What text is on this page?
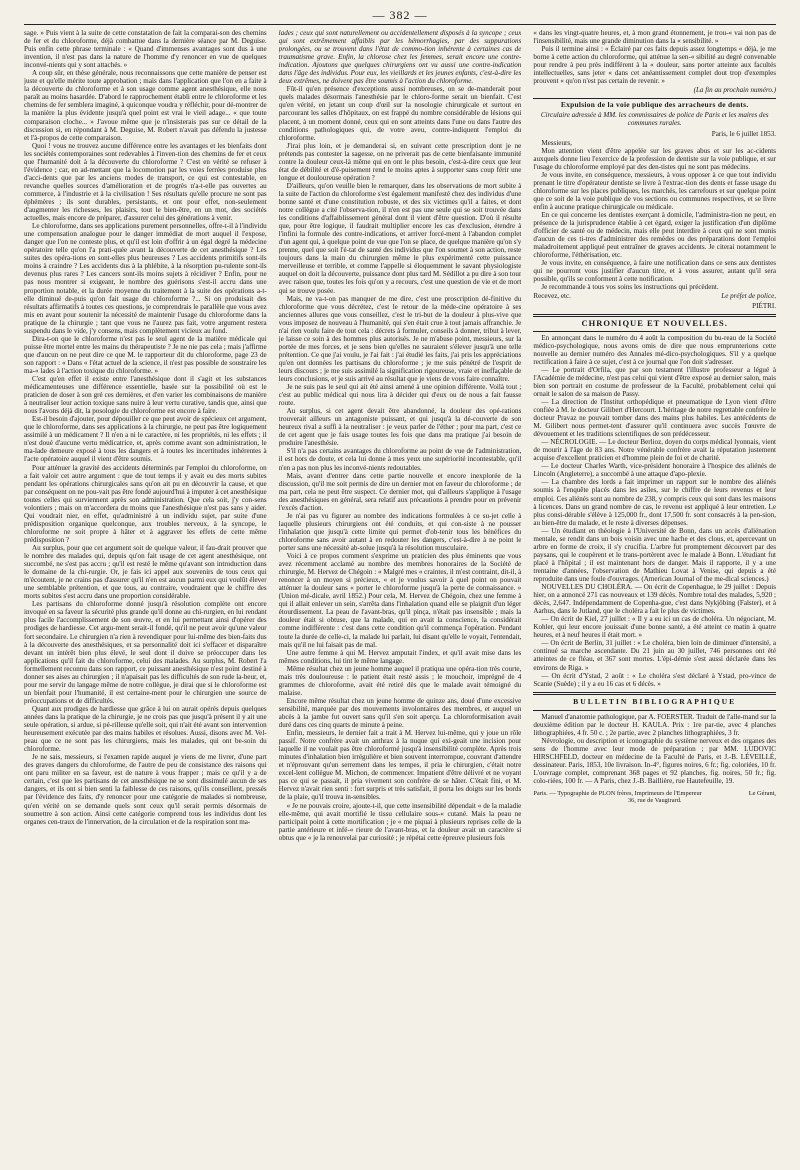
— 382 —

sage. » Puis vient à la suite de cette constatation de fait la comparai-son des chemins de fer et du chloroforme, déjà combattue dans la dernière séance par M. Deguise. Puis enfin cette phrase terminale : « Quand d'immenses avantages sont dus à une invention, il n'est pas dans la nature de l'homme d'y renoncer en vue de quelques inconvé-nients qui y sont attachés. »

A coup sûr, en thèse générale, nous reconnaissons que cette manière de penser est juste et qu'elle mérite toute approbation ; mais dans l'application que l'on en a faite à la découverte du chloroforme et à son usage comme agent anesthésique, elle nous paraît au moins hasardée. D'abord le rapprochement établi entre le chloroforme et les chemins de fer semblera imaginé, à quiconque voudra y réfléchir, pour dé-montrer de la manière la plus évidente jusqu'à quel point est vrai le vieil adage... « que toute comparaison cloche... » J'avoue même que je n'insisterais pas sur ce détail de la discussion si, en répondant à M. Deguise, M. Robert n'avait pas défendu la justesse et l'à-propos de cette comparaison.

Quoi ! vous ne trouvez aucune différence entre les avantages et les bienfaits dont les sociétés contemporaines sont redevables à l'inven-tion des chemins de fer et ceux que l'humanité doit à la découverte du chloroforme ? C'est en vérité se refuser à l'évidence ; car, en ad-mettant que la locomotion par les voies ferrées produise plus d'acci-dents que par les anciens modes de transport, ce qui est contestable, en revanche quelles sources d'amélioration et de progrès n'a-t-elle pas ouvertes au commerce, à l'industrie et à la civilisation ! Ses résultats qu'elle procure ne sont pas éphémères ; ils sont durables, persistants, et ont pour effet, non-seulement d'augmenter les richesses, les plaisirs, tout le bien-être, en un mot, des sociétés actuelles, mais encore de préparer, d'assurer celui des générations à venir.

Le chloroforme, dans ses applications purement personnelles, offre-t-il à l'individu une compensation analogue pour le danger immédiat de mort auquel il l'expose, danger que l'on ne conteste plus, et qu'il est loin d'offrir à un égal degré la médecine opératoire telle qu'on l'a prati-quée avant la découverte de cet anesthésique ? Les suites des opéra-tions en sont-elles plus heureuses ? Les accidents primitifs sont-ils moins à craindre ? Les accidents dus à la phlébite, à la résorption pu-rulente sont-ils devenus plus rares ? Les cancers sont-ils moins sujets à récidiver ? Enfin, pour ne pas nous montrer si exigeant, le nombre des guérisons s'est-il accru dans une proportion notable, et la durée moyenne du traitement à la suite des opérations a-t-elle diminué de-puis qu'on fait usage du chloroforme ?... Si on produisait des résultats affirmatifs à toutes ces questions, je comprendrais le parallèle que vous avez mis en avant pour soutenir la nécessité de maintenir l'usage du chloroforme dans la pratique de la chirurgie ; tant que vous ne l'aurez pas fait, votre argument restera suspendu dans le vide, j'y consens, mais complètement vicieux au fond.

Dira-t-on que le chloroforme n'est pas le seul agent de la matière médicale qui puisse être mortel entre les mains du thérapeutiste ? Je ne nie pas cela ; mais j'affirme que d'aucun on ne peut dire ce que M. le rapporteur dit du chloroforme, page 23 de son rapport : « Dans « l'état actuel de la science, il n'est pas possible de soustraire les ma-« lades à l'action toxique du chloroforme. »

C'est qu'en effet il existe entre l'anesthésique dont il s'agit et les substances médicamenteuses une différence essentielle, basée sur la possibilité où est le praticien de doser à son gré ces dernières, et d'en varier les combinaisons de manière à neutraliser leur action toxique sans nuire à leur vertu curative, tandis que, ainsi que nous l'avons déjà dit, la posologie du chloroforme est encore à faire.

Est-il besoin d'ajouter, pour dépouiller ce que peut avoir de spécieux cet argument, que le chloroforme, dans ses applications à la chirurgie, ne peut pas être logiquement assimilé à un médicament ? Il n'en a ni le caractère, ni les propriétés, ni les effets ; il n'est doué d'aucune vertu médicatrice, et, après comme avant son administration, le ma-lade demeure exposé à tous les dangers et à toutes les incertitudes inhérentes à l'acte opératoire auquel il vient d'être soumis.

Pour atténuer la gravité des accidents déterminés par l'emploi du chloroforme, on a fait valoir cet autre argument : que de tout temps il y avait eu des morts subites pendant les opérations chirurgicales sans qu'on ait pu en découvrir la cause, et que par conséquent on ne pou-vait pas être fondé aujourd'hui à imputer à cet anesthésique toutes celles qui surviennent après son administration. Que cela soit, j'y con-sens volontiers ; mais on m'accordera du moins que l'anesthésique n'est pas sans y aider. Qui voudrait nier, en effet, qu'administré à un individu sujet, par suite d'une prédisposition organique quelconque, aux troubles nerveux, à la syncope, le chloroforme ne soit propre à hâter et à aggraver les effets de cette même prédisposition ?

Au surplus, pour que cet argument soit de quelque valeur, il fau-drait prouver que le nombre des malades qui, depuis qu'on fait usage de cet agent anesthésique, ont succombé, ne s'est pas accru ; qu'il est resté le même qu'avant son introduction dans le domaine de la chi-rurgie. Or, je fais ici appel aux souvenirs de tous ceux qui m'écoutent, je ne crains pas d'assurer qu'il n'en est aucun parmi eux qui voulût élever une semblable prétention, et que tous, au contraire, voudraient que le chiffre des morts subites s'est accru dans une proportion considérable.

Les partisans du chloroforme donné jusqu'à résolution complète ont encore invoqué en sa faveur la sécurité plus grande qu'il donne au chi-rurgien, en lui rendant plus facile l'accomplissement de son œuvre, et en lui permettant ainsi d'opérer des prodiges de hardiesse. Cet argu-ment serait-il fondé, qu'il ne peut avoir qu'une valeur fort secondaire. Le chirurgien n'a rien à revendiquer pour lui-même des bien-faits dus à la découverte des anesthésiques, et sa personnalité doit ici s'effacer et disparaître devant un intérêt bien plus élevé, le seul dont il doive se préoccuper dans les applications qu'il fait du chloroforme, celui des malades. Au surplus, M. Robert l'a formellement reconnu dans son rapport, ce puissant anesthésique n'est point destiné à donner ses aises au chirurgien ; il n'apaisait pas les difficultés de son rude la-beur, et, pour me servir du langage même de notre collègue, je dirai que si le chloroforme est un bienfait pour l'humanité, il est certaine-ment pour le chirurgien une source de préoccupations et de difficultés.

Quant aux prodiges de hardiesse que grâce à lui on aurait opérés depuis quelques années dans la pratique de la chirurgie, je ne crois pas que jusqu'à présent il y ait une seule opération, si ardue, si pé-rilleuse qu'elle soit, qui n'ait été avant son intervention heureusement exécutée par des mains habiles et résolues. Aussi, disons avec M. Vel-peau que ce ne sont pas les chirurgiens, mais les malades, qui ont be-soin du chloroforme.

Je ne sais, messieurs, si l'examen rapide auquel je viens de me livrer, d'une part des graves dangers du chloroforme, de l'autre de peu de consistance des raisons qui ont paru militer en sa faveur, est de nature à vous frapper ; mais ce qu'il y a de certain, c'est que les partisans de cet anesthésique ne se sont dissimulé aucun de ses dangers, et ils ont si bien senti la faiblesse de ces raisons, qu'ils conseillent, pressés par l'évidence des faits, d'y renoncer pour une catégorie de malades si nombreuse, qu'en vérité on se demande quels sont ceux qu'il serait permis désormais de soumettre à son action. Ainsi cette catégorie comprend tous les individus dont les organes cen-traux de l'innervation, de la circulation et de la respiration sont ma-

lades ; ceux qui sont naturellement ou accidentellement disposés à la syncope ; ceux qui sont extrêmement affaiblis par les hémorrhagies, par des suppurations prolongées, ou se trouvent dans l'état de commo-tion inhérente à certaines cas de traumatisme grave. Enfin, la chlorose chez les femmes, serait encore une contre-indication. Ajoutons que quelques chirurgiens ont vu aussi une contre-indication dans l'âge des individus. Pour eux, les vieillards et les jeunes enfants, c'est-à-dire les deux extrêmes, ne doivent pas être soumis à l'action du chloroforme.

Fût-il qu'en présence d'exceptions aussi nombreuses, on se de-manderait pour quels malades désormais l'anesthésie par le chloro-forme serait un bienfait. C'est qu'en vérité, en jetant un coup d'œil sur la nosologie chirurgicale et surtout en parcourant les salles d'hôpitaux, on est frappé du nombre considérable de lésions qui placent, à un moment donné, ceux qui en sont atteints dans l'une ou dans l'autre des conditions pathologiques qui, de votre aveu, contre-indiquent l'emploi du chloroforme.

J'irai plus loin, et je demanderai si, en suivant cette prescription dont je ne prétends pas contester la sagesse, on ne priverait pas de cette bienfaisante immunité contre la douleur ceux-là même qui en ont le plus besoin, c'est-à-dire ceux que leur état de débilité et d'é-puisement rend le moins aptes à supporter sans coup férir une longue et douloureuse opération ?

D'ailleurs, qu'on veuille bien le remarquer, dans les observations de mort subite à la suite de l'action du chloroforme s'est également manifesté chez des individus d'une bonne santé et d'une constitution robuste, et des six victimes qu'il a faites, et dont notre collègue a cité l'observa-tion, il n'en est pas une seule qui se soit trouvée dans les conditions d'affaiblissement général dont il vient d'être question. D'où il résulte que, pour être logique, il faudrait multiplier encore les cas d'exclusion, étendre à l'infini la formule des contre-indications, et arriver forcé-ment à l'abandon complet d'un agent qui, à quelque point de vue que l'on se place, de quelque manière qu'on s'y prenne, quel que soit l'é-tat de santé des individus que l'on soumet à son action, reste toujours dans la main du chirurgien même le plus expérimenté cette puissance merveilleuse et terrible, et comme l'appelle si éloquemment le savant physiologiste auquel on doit la découverte, puissance dont plus tard M. Sédillot a pu dire à son tour avec raison que, toutes les fois qu'on y a recours, c'est une question de vie et de mort qui se trouve posée.

Mais, ne va-t-on pas manquer de me dire, c'est une proscription dé-finitive du chloroforme que vous décrétez, c'est le retour de la méde-cine opératoire à ses anciennes allures que vous conseillez, c'est le tri-but de la douleur à plus-vive que vous imposez de nouveau à l'humanité, qui s'en était crue à tout jamais affranchie. Je n'ai rien voulu faire de tout cela : décrets à formuler, conseils à donner, tribut à lever, je laisse ce soin à des hommes plus autorisés. Je ne m'abuse point, messieurs, sur la portée de mes forces, et je sens bien qu'elles ne sauraient s'élever jusqu'à une telle prétention. Ce que j'ai voulu, je l'ai fait : j'ai étudié les faits, j'ai pris les appréciations qu'en ont données les partisans du chloroforme ; je me suis pénétré de l'esprit de leurs discours ; je me suis assimilé la signification rigoureuse, vraie et ineffaçable de leurs conclusions, et je suis arrivé au résultat que je viens de vous faire connaître.

Je ne suis pas le seul qui ait été ainsi amené à une opinion différente. Voilà tout ; c'est au public médical qui nous lira à décider qui d'eux ou de nous a fait fausse route.

Au surplus, si cet agent devait être abandonné, la douleur des opé-rations trouverait ailleurs un antagoniste puissant, et qui jusqu'à la dé-couverte de son heureux rival a suffi à la neutraliser : je veux parler de l'éther ; pour ma part, c'est ce de cet agent que je fais usage toutes les fois que dans ma pratique j'ai besoin de produire l'anesthésie.

S'il n'a pas certains avantages du chloroforme au point de vue de l'administration, il est hors de doute, et cela lui donne à mes yeux une supériorité incontestable, qu'il n'en a pas non plus les inconvé-nients redoutables.

Mais, avant d'entrer dans cette partie nouvelle et encore inexplorée de la discussion, qu'il me soit permis de dire un dernier mot en faveur du chloroforme ; de ma part, cela ne peut être suspect. Ce dernier mot, qui d'ailleurs s'applique à l'usage des anesthésiques en général, sera relatif aux précautions à prendre pour en prévenir l'excès d'action.

Je n'ai pas vu figurer au nombre des indications formulées à ce su-jet celle à laquelle plusieurs chirurgiens ont été conduits, et qui con-siste à ne pousser l'inhalation que jusqu'à cette limite qui permet d'ob-tenir tous les bénéfices du chloroforme sans avoir autant à en redouter les dangers, c'est-à-dire à ne point le porter sans une nécessité ab-solue jusqu'à la résolution musculaire.

Voici à ce propos comment s'exprime un praticien des plus éminents que vous avez récemment acclamé au nombre des membres honoraires de la Société de chirurgie, M. Hervez de Chégoin : « Malgré mes « craintes, il m'est contraint, dit-il, à renoncer à un moyen si précieux, « et je voulus savoir à quel point on pouvait atténuer la douleur sans « porter le chloroforme jusqu'à la perte de connaissance. » (Union mé-dicale, avril 1852.) Pour cela, M. Hervez de Chégoin, chez une femme à qui il allait enlever un sein, s'arrêta dans l'inhalation quand elle se plaignit d'un léger étourdissement. La peau de l'avant-bras, qu'il pinça, n'était pas insensible ; mais la douleur était si obtuse, que la malade, qui en avait la conscience, la considérait comme indifférente : c'est dans cette condition qu'il commença l'opération. Pendant toute la durée de celle-ci, la malade lui parlait, lui disant qu'elle le voyait, l'entendait, mais qu'il ne lui faisait pas de mal.

Une autre femme à qui M. Hervez amputait l'index, et qu'il avait mise dans les mêmes conditions, lui tint le même langage.

Même résultat chez un jeune homme auquel il pratiqua une opéra-tion très courte, mais très douloureuse : le patient était resté assis ; le mouchoir, imprégné de 4 grammes de chloroforme, avait été retiré dès que le malade avait témoigné du malaise.

Encore même résultat chez un jeune homme de quinze ans, doué d'une excessive sensibilité, marquée par des mouvements involontaires des membres, et auquel un abcès à la jambe fut ouvert sans qu'il s'en soit aperçu. La chloroformisation avait duré dans ces cinq quarts de minute à peine.

Enfin, messieurs, le dernier fait a trait à M. Hervez lui-même, qui y joue un rôle passif. Notre confrère avait un anthrax à la nuque qui exi-geait une incision pour laquelle il ne voulait pas être chloroformé jusqu'à insensibilité complète. Après trois minutes d'inhalation bien irrégulière et bien souvent interrompue, couvrant d'attendre et n'éprouvant qu'un serrement dans les tempes, il pria le chirurgien, c'était notre excel-lent collègue M. Michon, de commencer. Impatient d'être délivré et ne voyant pas ce qui se passait, il pria vivement son confrère de se hâter. C'était fini, et M. Hervez n'avait rien senti : fort surpris et très satisfait, il porta les doigts sur les bords de la plaie, qu'il trouva in-sensibles.

« Je ne pouvais croire, ajoute-t-il, que cette insensibilité dépendait « de la maladie elle-même, qui avait mortifié le tissu cellulaire sous-« cutané. Mais la peau ne participait point à cette mortification ; je « me piquai à plusieurs reprises celle de la partie antérieure et infé-« rieure de l'avant-bras, et la douleur avait un caractère si obtus que « je la renouvelai par curiosité ; je répétai cette épreuve plusieurs fois

« dans les vingt-quatre heures, et, à mon grand étonnement, je trou-« vai non pas de l'insensibilité, mais une grande diminution dans la « sensibilité. »

Puis il termine ainsi : « Éclairé par ces faits depuis assez longtemps « déjà, je me borne à cette action du chloroforme, qui atténue la sen-« sibilité au degré convenable pour rendre à peu près indifférent à la « douleur, sans porter atteinte aux facultés intellectuelles, sans jeter « dans cet anéantissement complet dout trop d'exemples prouvent « qu'on n'est pas certain de revenir. »

(La fin au prochain numéro.)
Expulsion de la voie publique des arracheurs de dents.
Circulaire adressée à MM. les commissaires de police de Paris et les maires des communes rurales.
Paris, le 6 juillet 1853.

Messieurs,

Mon attention vient d'être appelée sur les graves abus et sur les ac-cidents auxquels donne lieu l'exercice de la profession de dentiste sur la voie publique, et sur l'usage du chloroforme employé par des den-tistes qui ne sont pas médecins.

Je vous invite, en conséquence, messieurs, à vous opposer à ce que tout individu prenant le titre d'opérateur dentiste se livre à l'extrac-tion des dents et fasse usage du chloroforme sur les places publiques, les marchés, les carrefours et sur quelque point que ce soit de la voie publique de vos sections ou communes respectives, et se livre enfin à aucune pratique chirurgicale ou médicale.

En ce qui concerne les dentistes exerçant à domicile, l'administra-tion ne peut, en présence de la jurisprudence établie à cet égard, exiger la justification d'un diplôme d'officier de santé ou de médecin, mais elle peut interdire à ceux qui ne sont munis d'aucun de ces ti-tres d'administrer des remèdes ou des préparations dont l'emploi maladroitement appliqué peut entraîner de graves accidents. Je citerai notamment le chloroforme, l'éthérisation, etc.

Je vous invite, en conséquence, à faire une notification dans ce sens aux dentistes qui ne pourront vous justifier d'aucun titre, et à vous assurer, autant qu'il sera possible, qu'ils se conforment à cette notification.

Je recommande à tous vos soins les instructions qui précèdent.

Recevez, etc.	Le préfet de police,
PIÉTRI.
CHRONIQUE ET NOUVELLES.

En annonçant dans le numéro du 4 août la composition du bu-reau de la Société médico-psychologique, nous avons omis de dire que nous emprunterions cette nouvelle au dernier numéro des Annales mé-dico-psychologiques. S'il y a quelque rectification à faire à ce sujet, c'est à ce journal que l'on doit s'adresser.

— Le portrait d'Orfila, que par son testament l'illustre professeur a légué à l'Académie de médecine, n'est pas celui qui vient d'être exposé au dernier salon, mais bien son portrait en costume de professeur de la Faculté, probablement celui qui ornait le salon de sa maison de Passy.

— La direction de l'Institut orthopédique et pneumatique de Lyon vient d'être confiée à M. le docteur Gilibert d'Hercourt. L'héritage de notre regrettable confrère le docteur Pravaz ne pouvait tomber dans des mains plus habiles. Les antécédents de M. Gilibert nous permet-tent d'assurer qu'il continuera avec succès l'œuvre de dévouement et les traditions scientifiques de son prédécesseur.

— NÉCROLOGIE. — Le docteur Berlioz, doyen du corps médical lyonnais, vient de mourir à l'âge de 83 ans. Notre vénérable confrère avait la réputation justement acquise d'excellent praticien et d'homme plein de foi et de charité.

— Le docteur Charles Warth, vice-président honoraire à l'hospice des aliénés de Lincoln (Angleterre), a succombé à une attaque d'apo-plexie.

— La chambre des lords a fait imprimer un rapport sur le nombre des aliénés soumis à l'enquête placés dans les asiles, sur le chiffre de leurs revenus et leur emploi. Ces aliénés sont au nombre de 238, y compris ceux qui sont dans les maisons à licences. Dans un grand nombre de cas, le revenu est appliqué à leur entretien. Le plus consi-dérable s'élève à 125,000 fr., dont 17,500 fr. sont consacrés à la pen-sion, au bien-être du malade, et le reste à diverses dépenses.

— Un étudiant en théologie à l'Université de Bonn, dans un accès d'aliénation mentale, se rendit dans un bois voisin avec une hache et des clous, et, apercevant un arbre en forme de croix, il s'y crucifia. L'arbre fut promptement découvert par des paysans, qui le coupèrent et le trans-portèrent avec le malade à Bonn. L'étudiant fut placé à l'hôpital ; il est maintenant hors de danger. Mais il rapporte, il y a une trentaine d'années, l'observation de Mathieu Lovat à Venise, qui depuis a été reproduite dans une foule d'ouvrages. (American Journal of the me-dical sciences.)

NOUVELLES DU CHOLÉRA. — On écrit de Copenhague, le 29 juillet : Depuis hier, on a annoncé 271 cas nouveaux et 139 décès. Nombre total des malades, 5,920 ; décès, 2,647. Indépendamment de Copenha-gue, c'est dans Nykjöbing (Falster), et à Aarhus, dans le Jutland, que le choléra a fait le plus de victimes.

— On écrit de Kiel, 27 juillet : « Il y a eu ici un cas de choléra. Un négociant, M. Kohler, qui leur encore jouissait d'une bonne santé, a été atteint ce matin à quatre heures, et à neuf heures il était mort. »

— On écrit de Berlin, 31 juillet : « Le choléra, bien loin de diminuer d'intensité, a continué sa marche ascendante. Du 21 juin au 30 juillet, 746 personnes ont été atteintes de ce fléau, et 367 sont mortes. L'épi-démie s'est aussi déclarée dans les environs de Riga. »

— On écrit d'Ystad, 2 août : « Le choléra s'est déclaré à Ystad, pro-vince de Scanie (Suède) ; il y a eu 16 cas et 6 décès. »

BULLETIN BIBLIOGRAPHIQUE

Manuel d'anatomie pathologique, par A. FOERSTER. Traduit de l'alle-mand sur la deuxième édition par le docteur H. KAULA. Prix : 1re par-tie, avec 4 planches lithographiées, 4 fr. 50 c. ; 2e partie, avec 2 planches lithographiées, 3 fr.

Névrologie, ou description et iconographie du système nerveux et des organes des sens de l'homme avec leur mode de préparation ; par MM. LUDOVIC HIRSCHFELD, docteur en médecine de la Faculté de Paris, et J.-B. LÉVEILLÉ, dessinateur. Paris, 1853, 10e livraison. In-4°, figures noires, 6 fr.; fig. coloriées, 10 fr. L'ouvrage complet, comprenant 368 pages et 92 planches, fig. noires, 50 fr.; fig. colo-riées, 100 fr. — A Paris, chez J.-B. Baillière, rue Hautefeuille, 19.

Paris. — Typographie de PLON frères, Imprimeurs de l'Empereur	Le Gérant,
36, rue de Vaugirard.
